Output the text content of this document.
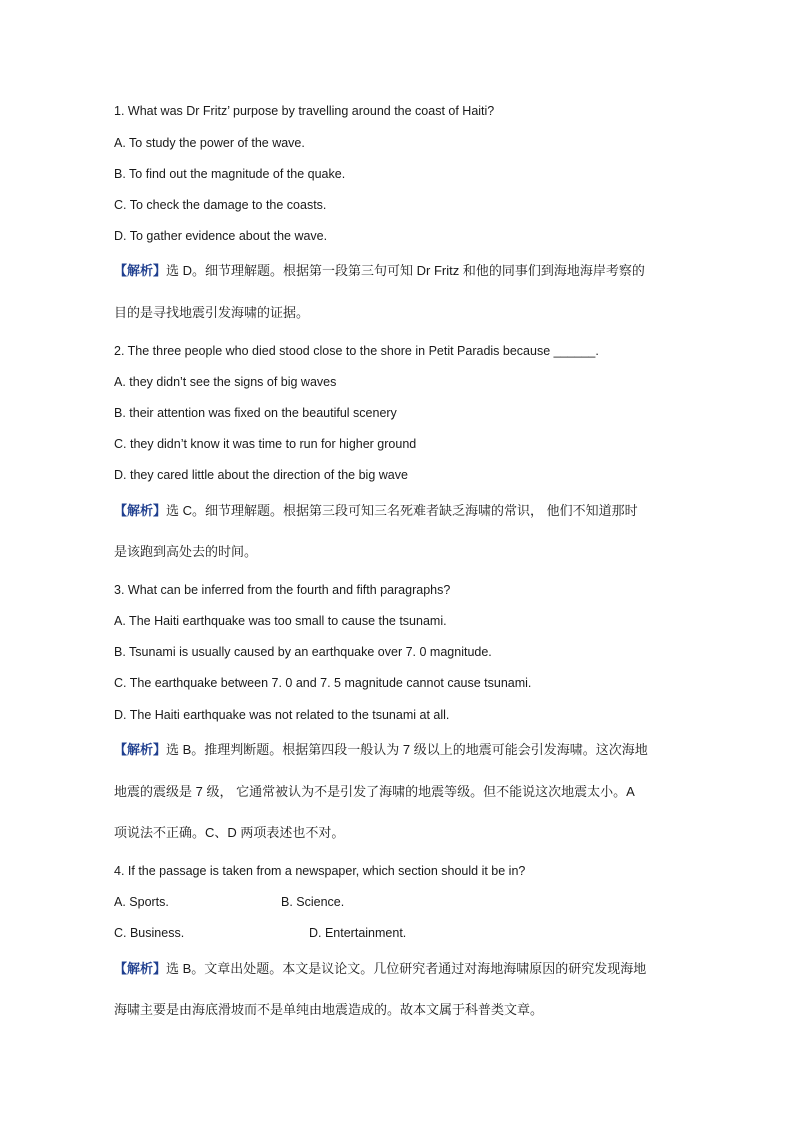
1. What was Dr Fritz’ purpose by travelling around the coast of Haiti?
A. To study the power of the wave.
B. To find out the magnitude of the quake.
C. To check the damage to the coasts.
D. To gather evidence about the wave.
【解析】选 D。细节理解题。根据第一段第三句可知 Dr Fritz 和他的同事们到海地海岸考察的
目的是寻找地震引发海啸的证据。
2. The three people who died stood close to the shore in Petit Paradis because ______.
A. they didn’t see the signs of big waves
B. their attention was fixed on the beautiful scenery
C. they didn’t know it was time to run for higher ground
D. they cared little about the direction of the big wave
【解析】选 C。细节理解题。根据第三段可知三名死难者缺乏海啸的常识， 他们不知道那时
是该跑到高处去的时间。
3. What can be inferred from the fourth and fifth paragraphs?
A. The Haiti earthquake was too small to cause the tsunami.
B. Tsunami is usually caused by an earthquake over 7. 0 magnitude.
C. The earthquake between 7. 0 and 7. 5 magnitude cannot cause tsunami.
D. The Haiti earthquake was not related to the tsunami at all.
【解析】选 B。推理判断题。根据第四段一般认为 7 级以上的地震可能会引发海啸。这次海地
地震的震级是 7 级， 它通常被认为不是引发了海啸的地震等级。但不能说这次地震太小。A
项说法不正确。C、D 两项表述也不对。
4. If the passage is taken from a newspaper, which section should it be in?
A. Sports.	B. Science.
C. Business.	D. Entertainment.
【解析】选 B。文章出处题。本文是议论文。几位研究者通过对海地海啸原因的研究发现海地
海啸主要是由海底滑坡而不是单纯由地震造成的。故本文属于科普类文章。
